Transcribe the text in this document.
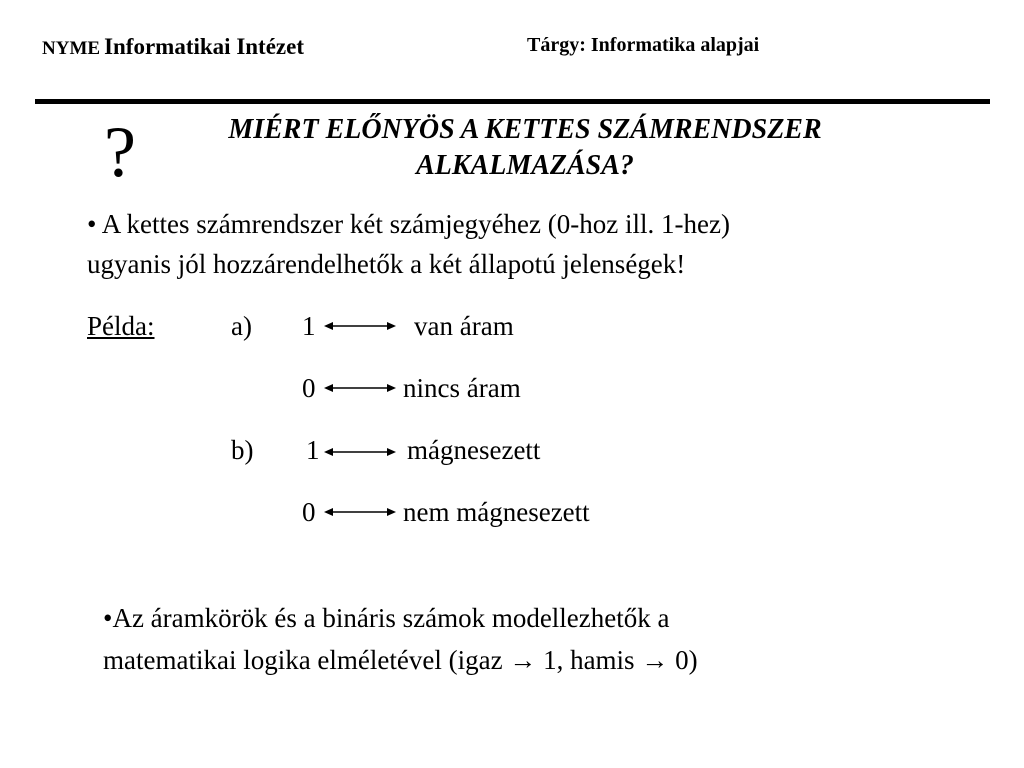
NYME Informatikai Intézet	Tárgy: Informatika alapjai
?	MIÉRT ELŐNYÖS A KETTES SZÁMRENDSZER
ALKALMAZÁSA?
• A kettes számrendszer két számjegyéhez (0-hoz ill. 1-hez)
ugyanis jól hozzárendelhetők a két állapotú jelenségek!
Példa:	a) 1	van áram
0	nincs áram
b) 1	mágnesezett
0	nem mágnesezett
•Az áramkörök és a bináris számok modellezhetők a
matematikai logika elméletével (igaz → 1, hamis → 0)
